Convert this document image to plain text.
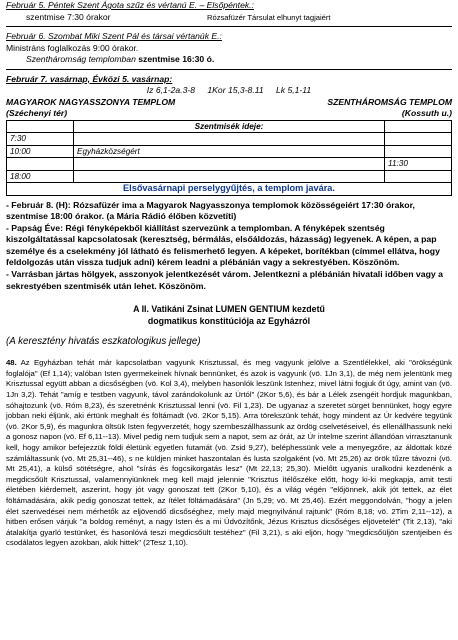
Február 5. Péntek Szent Ágota szűz és vértanú E. – Elsőpéntek.:
szentmise 7:30 órakor	Rózsafüzér Társulat elhunyt tagjaiért
Február 6. Szombat Miki Szent Pál és társai vértanúk E.:
Ministráns foglalkozás 9:00 órakor.
Szentháromság templomban szentmise 16:30 ó.
Február 7. vasárnap, Évközi 5. vasárnap:
Iz 6,1-2a.3-8 1Kor 15,3-8.11 Lk 5,1-11
MAGYAROK NAGYASSZONYA TEMPLOM	SZENTHÁROMSÁG TEMPLOM
(Széchenyi tér)	(Kossuth u.)
	Szentmisék ideje:	
7:30		
10:00	Egyházközségért	
		11:30
18:00		
Elsővasárnapi perselygyűjtés, a templom javára.		
- Február 8. (H): Rózsafüzér ima a Magyarok Nagyasszonya templomok közösségeiért 17:30 órakor, szentmise 18:00 órakor. (a Mária Rádió élőben közvetíti)
- Papság Éve: Régi fényképekből kiállítást szervezünk a templomban. A fényképek szentség kiszolgáltatással kapcsolatosak (keresztség, bérmálás, elsőáldozás, házasság) legyenek. A képen, a pap személye és a cselekmény jól látható és felismerhető legyen. A képeket, borítékban (címmel ellátva, hogy feldolgozás után vissza tudjuk adni) kérem leadni a plébánián vagy a sekrestyében. Köszönöm.
- Varrásban jártas hölgyek, asszonyok jelentkezését várom. Jelentkezni a plébánián hivatali időben vagy a sekrestyében szentmisék után lehet. Köszönöm.
A II. Vatikáni Zsinat LUMEN GENTIUM kezdetű
dogmatikus konstitúciója az Egyházról
(A keresztény hivatás eszkatologikus jellege)
48. Az Egyházban tehát már kapcsolatban vagyunk Krisztussal, és meg vagyunk jelölve a Szentlélekkel, aki "örökségünk foglalója" (Ef 1,14); valóban Isten gyermekeinek hívnak bennünket, és azok is vagyunk (vö. 1Jn 3,1), de még nem jelentünk meg Krisztussal együtt abban a dicsőségben (vö. Kol 3,4), melyben hasonlók leszünk Istenhez, mivel látni fogjuk őt úgy, amint van (vö. 1Jn 3,2). Tehát "amíg e testben vagyunk, távol zarándokolunk az Úrtól" (2Kor 5,6), és bár a Lélek zsengéit hordjuk magunkban, sóhajtozunk (vö. Róm 8,23), és szeretnénk Krisztussal lenni (vö. Fil 1,23). De ugyanaz a szeretet sürget bennünket, hogy egyre jobban neki éljünk, aki értünk meghalt és föltámadt (vö. 2Kor 5,15). Arra törekszünk tehát, hogy mindent az Úr kedvére tegyünk (vö. 2Kor 5,9), és magunkra öltsük Isten fegyverzetét, hogy szembeszállhassunk az ördög cselvetéseivel, és ellenállhassunk neki a gonosz napon (vö. Ef 6,11--13). Mivel pedig nem tudjuk sem a napot, sem az órát, az Úr intelme szerint állandóan virrasztanunk kell, hogy amikor befejezzük földi életünk egyetlen futamát (vö. Zsid 9,27), beléphessünk vele a menyegzőre, az áldottak közé számláltassunk (vö. Mt 25,31--46), s ne küldjen minket haszontalan és lusta szolgaként (vö. Mt 25,26) az örök tűzre távozni (vö. Mt 25,41), a külső sötétségre, ahol "sírás és fogcsikorgatás lesz" (Mt 22,13; 25,30). Mielőtt ugyanis uralkodni kezdenénk a megdicsőült Krisztussal, valamennyiünknek meg kell majd jelennie "Krisztus ítélőszéke előtt, hogy ki-ki megkapja, amit testi életében kiérdemelt, aszerint, hogy jót vagy gonoszat tett (2Kor 5,10), és a világ végén "előjönnek, akik jót tettek, az élet föltámadására, akik pedig gonoszat tettek, az ítélet föltámadására" (Jn 5,29; vö. Mt 25,46). Ezért meggondolván, "hogy a jelen élet szenvedései nem mérhetők az eljövendő dicsőséghez, mely majd megnyilvánul rajtunk" (Róm 8,18; vö. 2Tim 2,11--12), a hitben erősen várjuk "a boldog reményt, a nagy Isten és a mi Üdvözítőnk, Jézus Krisztus dicsőséges eljövetelét" (Tit 2,13), "aki átalakítja gyarló testünket, és hasonlóvá teszi megdicsőült testéhez" (Fil 3,21), s aki eljön, hogy "megdicsőüljön szentjeiben és csodálatos legyen azokban, akik hittek" (2Tesz 1,10).
